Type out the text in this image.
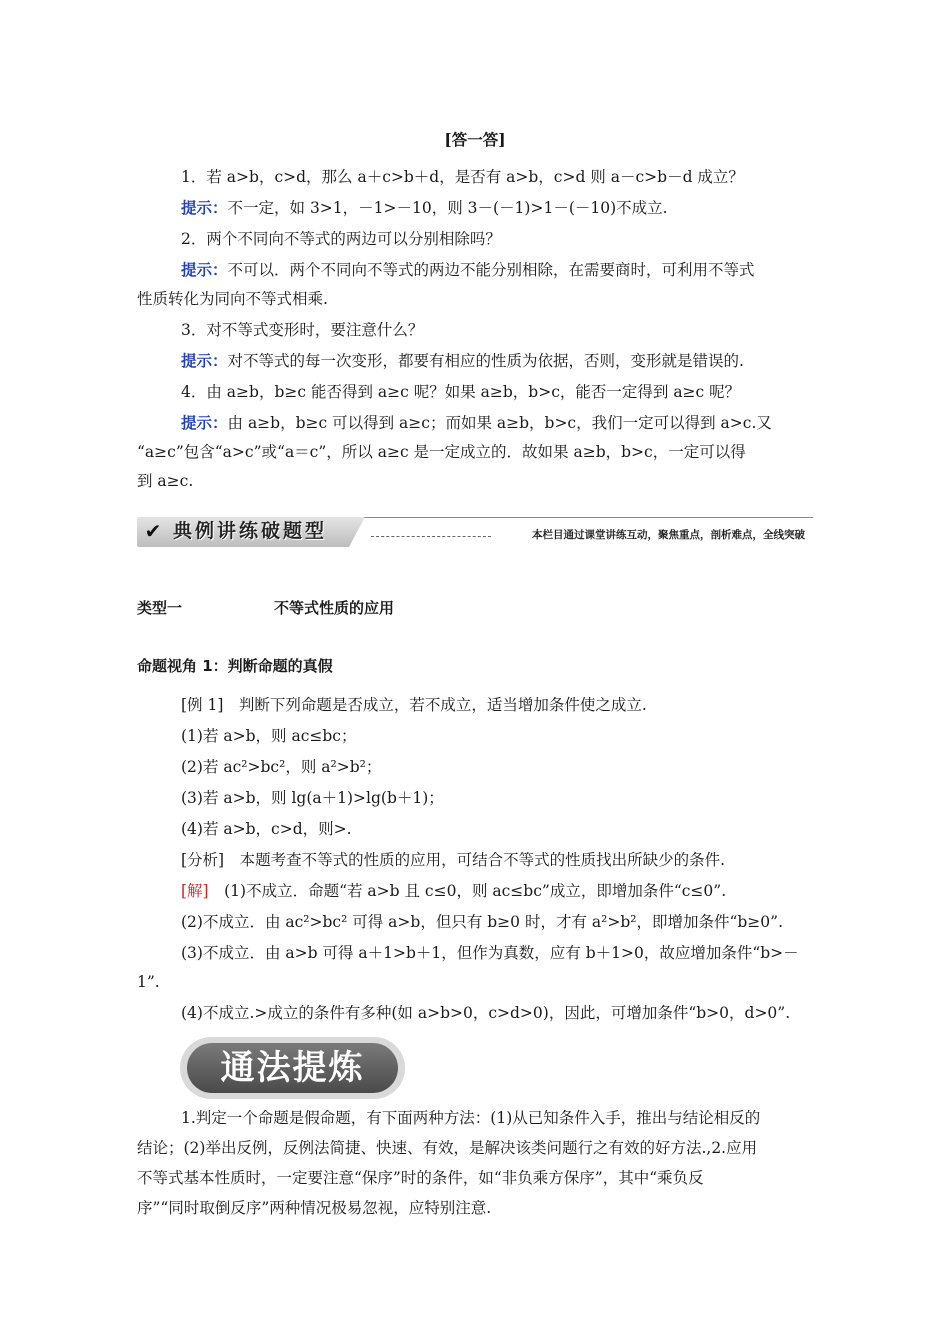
[答一答]
1．若 a>b，c>d，那么 a＋c>b＋d，是否有 a>b，c>d 则 a－c>b－d 成立？
提示：不一定，如 3>1，－1>－10，则 3－(－1)>1－(－10)不成立.
2．两个不同向不等式的两边可以分别相除吗？
提示：不可以．两个不同向不等式的两边不能分别相除，在需要商时，可利用不等式
性质转化为同向不等式相乘.
3．对不等式变形时，要注意什么？
提示：对不等式的每一次变形，都要有相应的性质为依据，否则，变形就是错误的.
4．由 a≥b，b≥c 能否得到 a≥c 呢？如果 a≥b，b>c，能否一定得到 a≥c 呢？
提示：由 a≥b，b≥c 可以得到 a≥c；而如果 a≥b，b>c，我们一定可以得到 a>c.又
“a≥c”包含“a>c”或“a＝c”，所以 a≥c 是一定成立的．故如果 a≥b，b>c，一定可以得
到 a≥c.
✔ 典例讲练破题型	本栏目通过课堂讲练互动，聚焦重点，剖析难点，全线突破
类型一	不等式性质的应用
命题视角 1：判断命题的真假
[例 1]　判断下列命题是否成立，若不成立，适当增加条件使之成立.
(1)若 a>b，则 ac≤bc；
(2)若 ac²>bc²，则 a²>b²；
(3)若 a>b，则 lg(a＋1)>lg(b＋1)；
(4)若 a>b，c>d，则>.
[分析]　本题考查不等式的性质的应用，可结合不等式的性质找出所缺少的条件.
[解]　(1)不成立．命题“若 a>b 且 c≤0，则 ac≤bc”成立，即增加条件“c≤0”.
(2)不成立．由 ac²>bc² 可得 a>b，但只有 b≥0 时，才有 a²>b²，即增加条件“b≥0”.
(3)不成立．由 a>b 可得 a＋1>b＋1，但作为真数，应有 b＋1>0，故应增加条件“b>－
1”.
(4)不成立.>成立的条件有多种(如 a>b>0，c>d>0)，因此，可增加条件“b>0，d>0”.
通法提炼
1.判定一个命题是假命题，有下面两种方法：(1)从已知条件入手，推出与结论相反的
结论；(2)举出反例，反例法简捷、快速、有效，是解决该类问题行之有效的好方法.,2.应用
不等式基本性质时，一定要注意“保序”时的条件，如“非负乘方保序”，其中“乘负反
序”“同时取倒反序”两种情况极易忽视，应特别注意.
